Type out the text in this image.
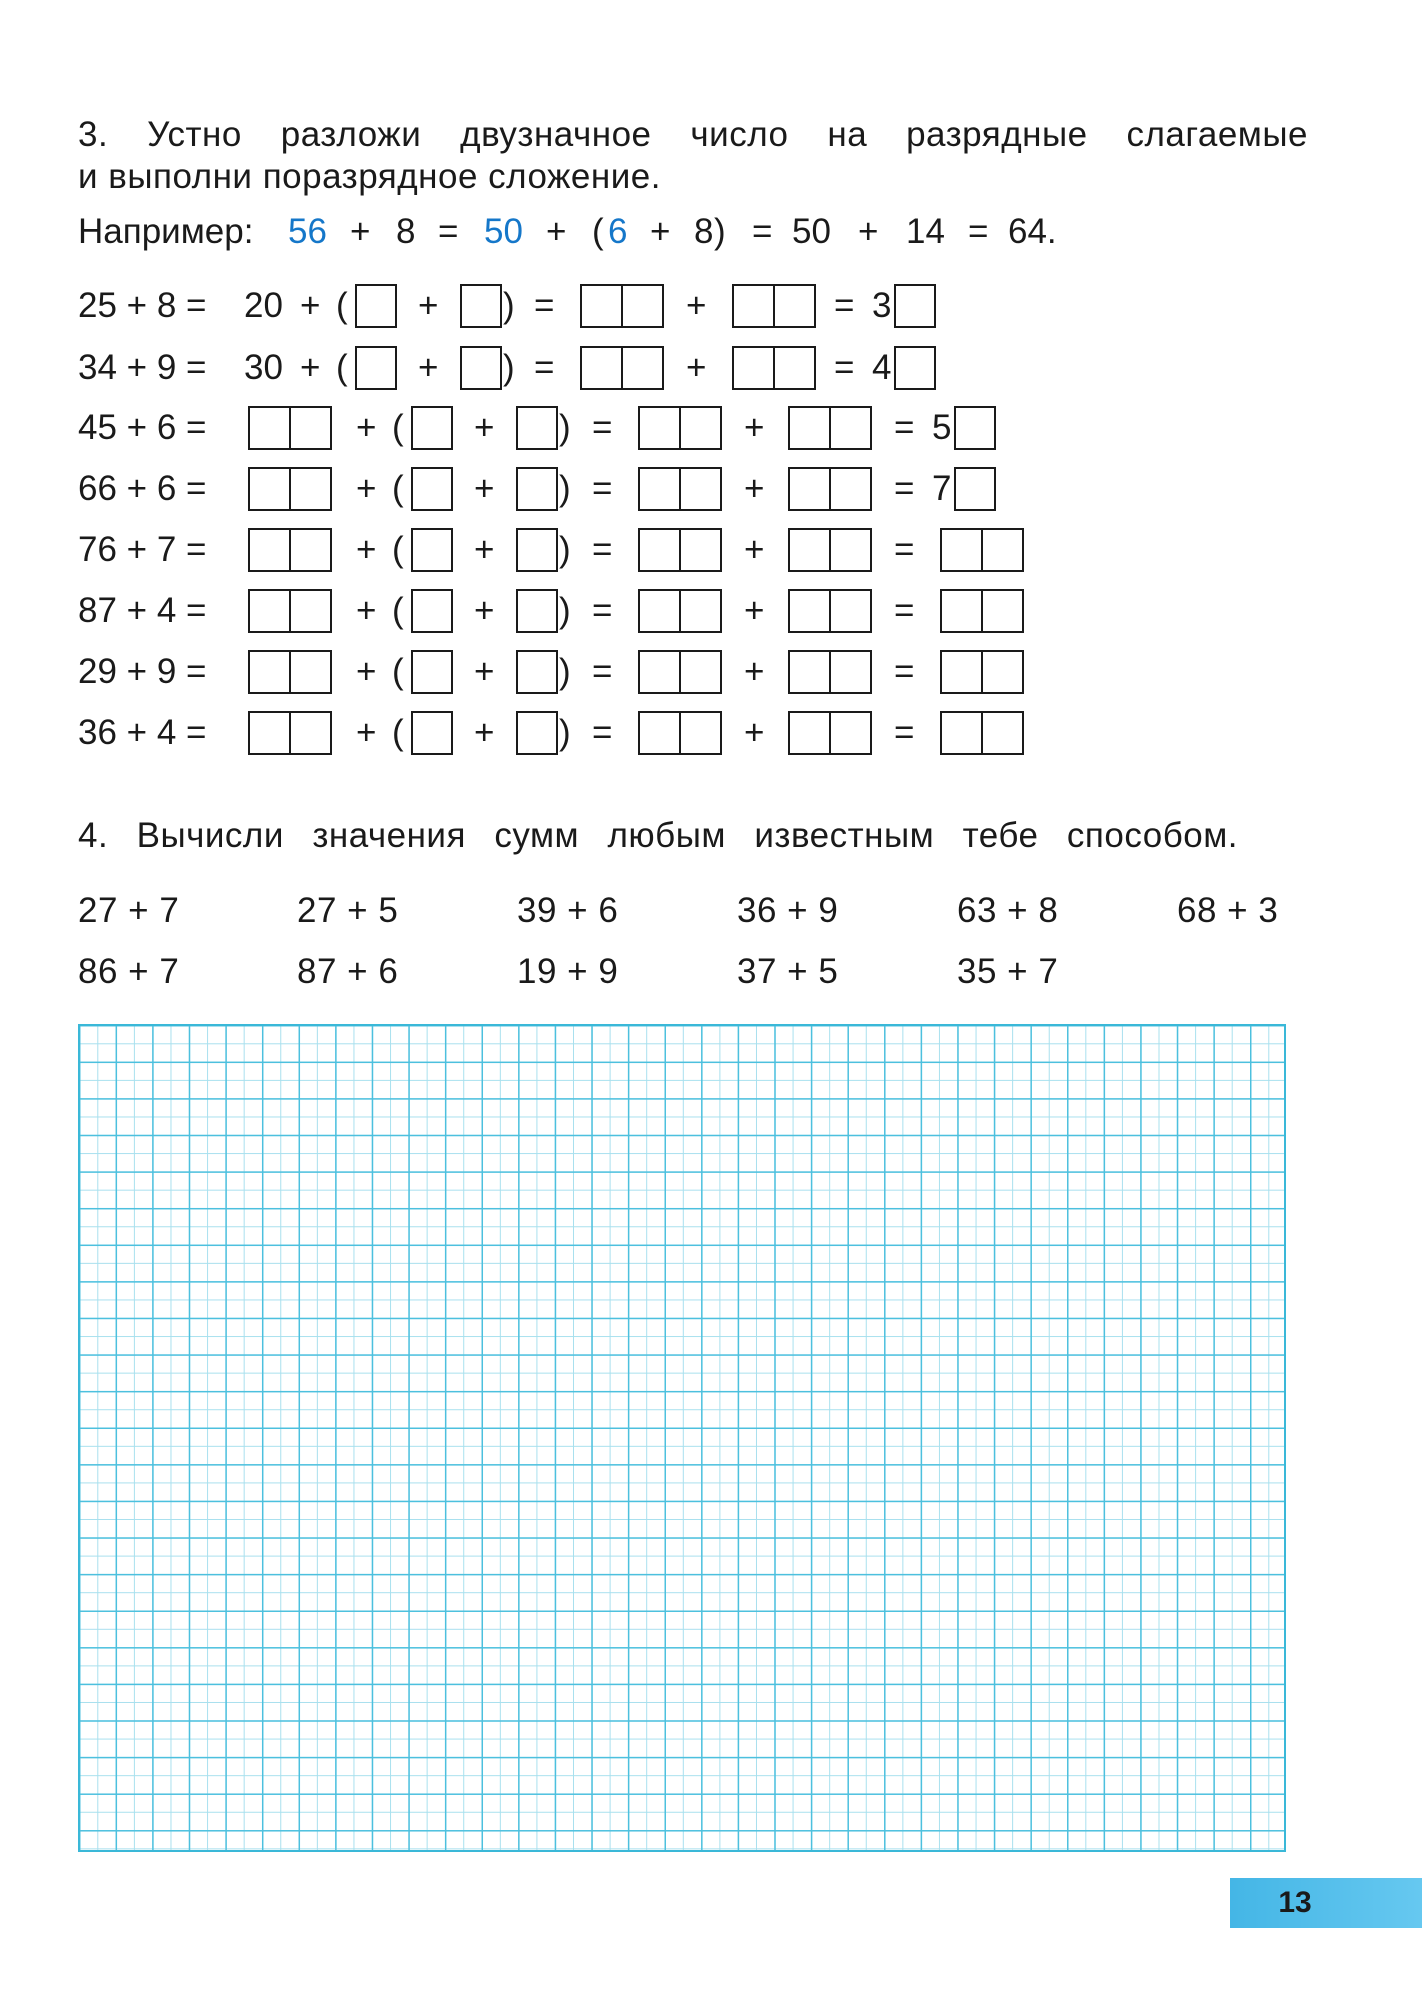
3. Устно разложи двузначное число на разрядные слагаемые
и выполни поразрядное сложение.
Например: 56 + 8 = 50 + ( 6 + 8 ) = 50 + 14 = 64.
25 + 8 = 20 + ( + ) =	+	= 3
34 + 9 = 30 + ( + ) =	+	= 4
45 + 6 =	+ ( + ) =	+	= 5
66 + 6 =	+ ( + ) =	+	= 7
76 + 7 =	+ ( + ) =	+	=
87 + 4 =	+ ( + ) =	+	=
29 + 9 =	+ ( + ) =	+	=
36 + 4 =	+ ( + ) =	+	=
4. Вычисли значения сумм любым известным тебе способом.
27 + 7	27 + 5	39 + 6	36 + 9	63 + 8	68 + 3
86 + 7	87 + 6	19 + 9	37 + 5	35 + 7
13
